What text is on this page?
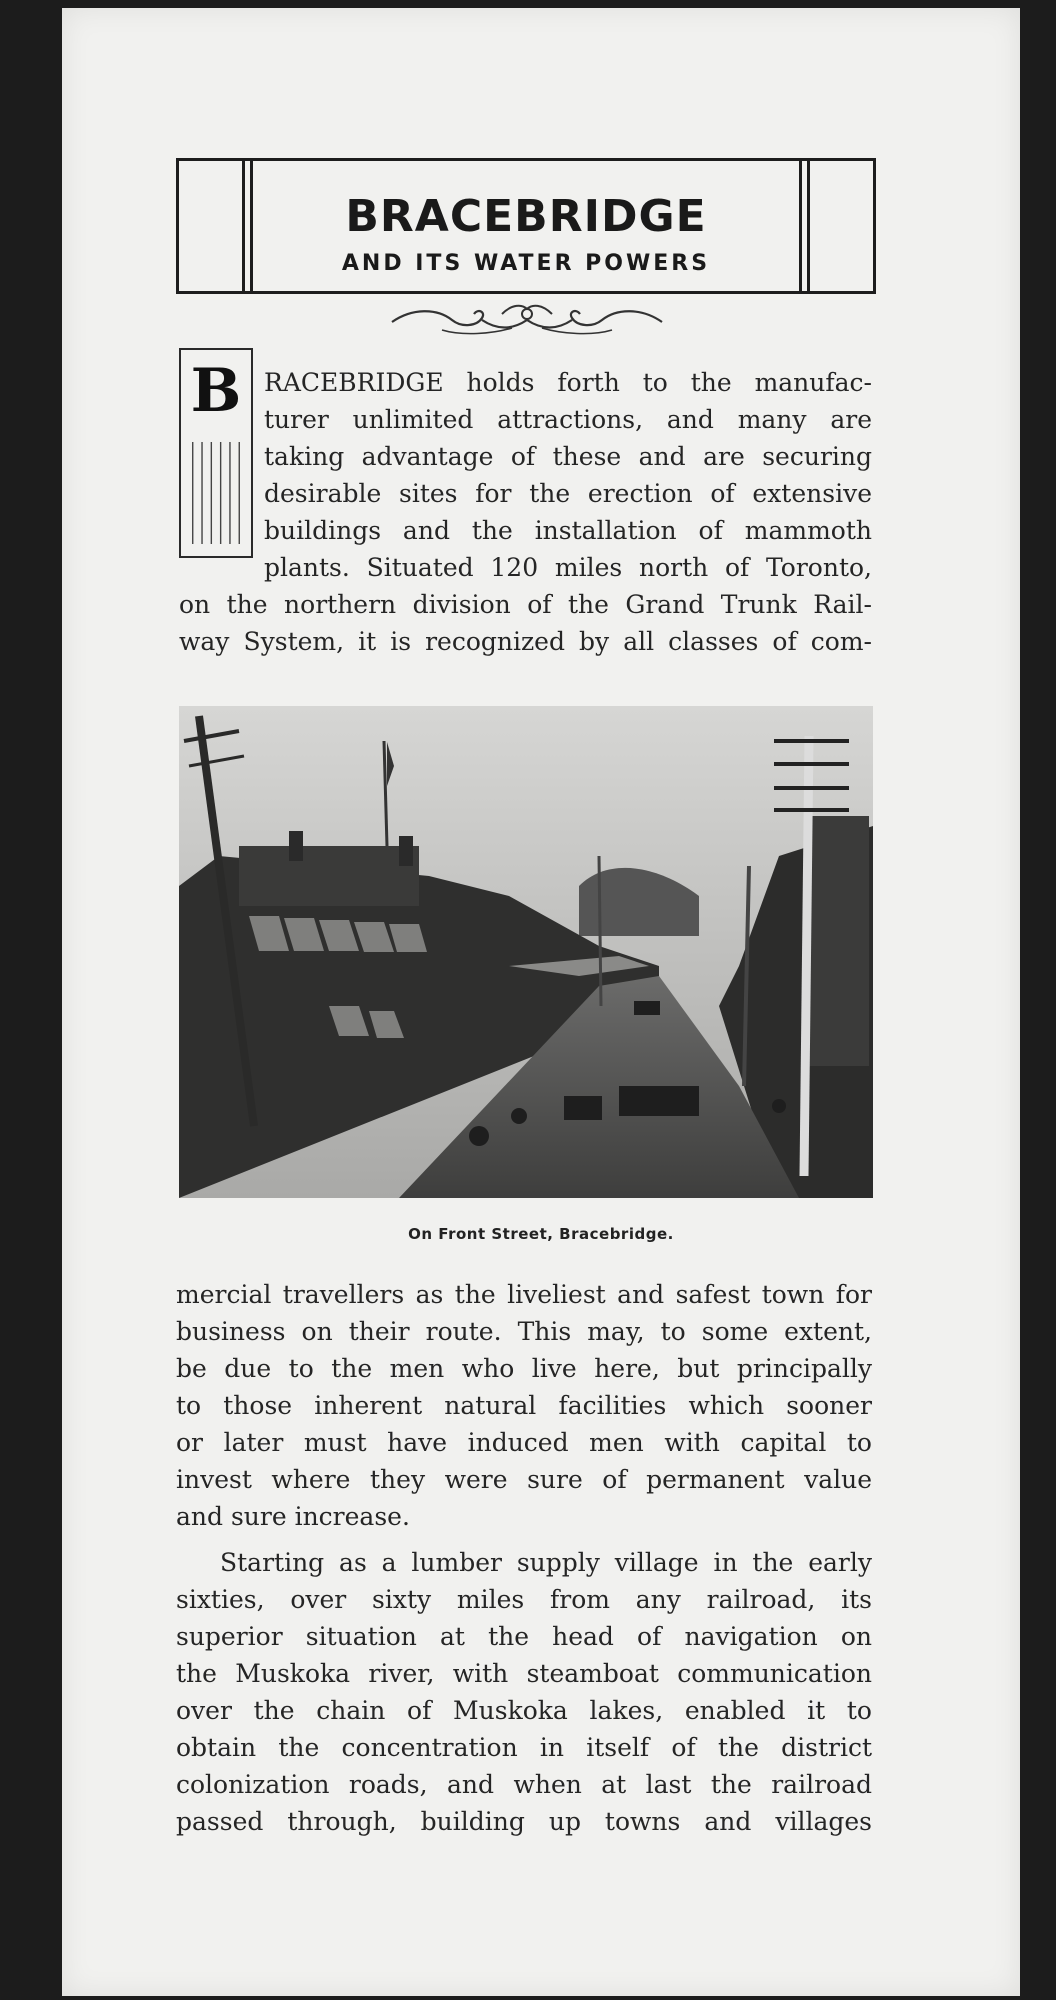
BRACEBRIDGE
AND ITS WATER POWERS
B RACEBRIDGE holds forth to the manufac-
turer unlimited attractions, and many are
taking advantage of these and are securing
desirable sites for the erection of extensive
buildings and the installation of mammoth
plants. Situated 120 miles north of Toronto,
on the northern division of the Grand Trunk Rail-
way System, it is recognized by all classes of com-
On Front Street, Bracebridge.
mercial travellers as the liveliest and safest town for
business on their route. This may, to some extent,
be due to the men who live here, but principally
to those inherent natural facilities which sooner
or later must have induced men with capital to
invest where they were sure of permanent value
and sure increase.
Starting as a lumber supply village in the early
sixties, over sixty miles from any railroad, its
superior situation at the head of navigation on
the Muskoka river, with steamboat communication
over the chain of Muskoka lakes, enabled it to
obtain the concentration in itself of the district
colonization roads, and when at last the railroad
passed through, building up towns and villages
